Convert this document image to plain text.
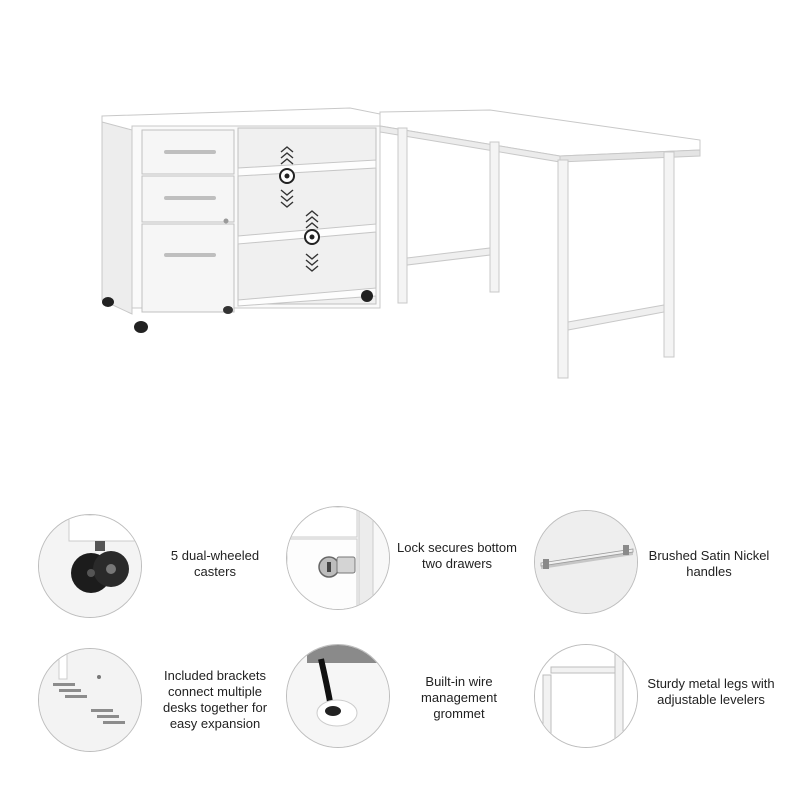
5 dual-wheeled casters
Lock secures bottom two drawers
Brushed Satin Nickel handles
Included brackets connect multiple desks together for easy expansion
Built-in wire management grommet
Sturdy metal legs with adjustable levelers
